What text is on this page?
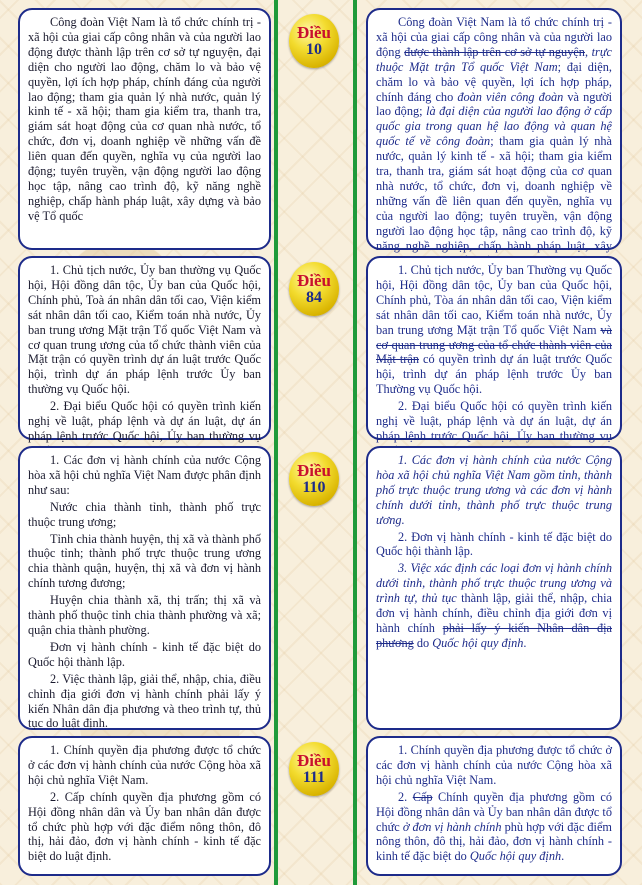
Công đoàn Việt Nam là tổ chức chính trị - xã hội của giai cấp công nhân và của người lao động được thành lập trên cơ sở tự nguyện, đại diện cho người lao động, chăm lo và bảo vệ quyền, lợi ích hợp pháp, chính đáng của người lao động; tham gia quản lý nhà nước, quản lý kinh tế - xã hội; tham gia kiểm tra, thanh tra, giám sát hoạt động của cơ quan nhà nước, tổ chức, đơn vị, doanh nghiệp về những vấn đề liên quan đến quyền, nghĩa vụ của người lao động; tuyên truyền, vận động người lao động học tập, nâng cao trình độ, kỹ năng nghề nghiệp, chấp hành pháp luật, xây dựng và bảo vệ Tổ quốc

Điều
10

Công đoàn Việt Nam là tổ chức chính trị - xã hội của giai cấp công nhân và của người lao động được thành lập trên cơ sở tự nguyện, trực thuộc Mặt trận Tổ quốc Việt Nam; đại diện, chăm lo và bảo vệ quyền, lợi ích hợp pháp, chính đáng cho đoàn viên công đoàn và người lao động; là đại diện của người lao động ở cấp quốc gia trong quan hệ lao động và quan hệ quốc tế về công đoàn; tham gia quản lý nhà nước, quản lý kinh tế - xã hội; tham gia kiểm tra, thanh tra, giám sát hoạt động của cơ quan nhà nước, tổ chức, đơn vị, doanh nghiệp về những vấn đề liên quan đến quyền, nghĩa vụ của người lao động; tuyên truyền, vận động người lao động học tập, nâng cao trình độ, kỹ năng nghề nghiệp, chấp hành pháp luật, xây

1. Chủ tịch nước, Ủy ban thường vụ Quốc hội, Hội đồng dân tộc, Ủy ban của Quốc hội, Chính phủ, Toà án nhân dân tối cao, Viện kiểm sát nhân dân tối cao, Kiểm toán nhà nước, Ủy ban trung ương Mặt trận Tổ quốc Việt Nam và cơ quan trung ương của tổ chức thành viên của Mặt trận có quyền trình dự án luật trước Quốc hội, trình dự án pháp lệnh trước Ủy ban thường vụ Quốc hội.

2. Đại biểu Quốc hội có quyền trình kiến nghị về luật, pháp lệnh và dự án luật, dự án pháp lệnh trước Quốc hội, Ủy ban thường vụ

Điều
84

1. Chủ tịch nước, Ủy ban Thường vụ Quốc hội, Hội đồng dân tộc, Ủy ban của Quốc hội, Chính phủ, Tòa án nhân dân tối cao, Viện kiểm sát nhân dân tối cao, Kiểm toán nhà nước, Ủy ban trung ương Mặt trận Tổ quốc Việt Nam và cơ quan trung ương của tổ chức thành viên của Mặt trận có quyền trình dự án luật trước Quốc hội, trình dự án pháp lệnh trước Ủy ban Thường vụ Quốc hội.

2. Đại biểu Quốc hội có quyền trình kiến nghị về luật, pháp lệnh và dự án luật, dự án pháp lệnh trước Quốc hội, Ủy ban thường vụ

1. Các đơn vị hành chính của nước Cộng hòa xã hội chủ nghĩa Việt Nam được phân định như sau:

Nước chia thành tỉnh, thành phố trực thuộc trung ương;

Tỉnh chia thành huyện, thị xã và thành phố thuộc tỉnh; thành phố trực thuộc trung ương chia thành quận, huyện, thị xã và đơn vị hành chính tương đương;

Huyện chia thành xã, thị trấn; thị xã và thành phố thuộc tỉnh chia thành phường và xã; quận chia thành phường.

Đơn vị hành chính - kinh tế đặc biệt do Quốc hội thành lập.

2. Việc thành lập, giải thể, nhập, chia, điều chỉnh địa giới đơn vị hành chính phải lấy ý kiến Nhân dân địa phương và theo trình tự, thủ tục do luật định.

Điều
110

1. Các đơn vị hành chính của nước Cộng hòa xã hội chủ nghĩa Việt Nam gồm tỉnh, thành phố trực thuộc trung ương và các đơn vị hành chính dưới tỉnh, thành phố trực thuộc trung ương.

2. Đơn vị hành chính - kinh tế đặc biệt do Quốc hội thành lập.

3. Việc xác định các loại đơn vị hành chính dưới tỉnh, thành phố trực thuộc trung ương và trình tự, thủ tục thành lập, giải thể, nhập, chia đơn vị hành chính, điều chỉnh địa giới đơn vị hành chính phải lấy ý kiến Nhân dân địa phương do Quốc hội quy định.

1. Chính quyền địa phương được tổ chức ở các đơn vị hành chính của nước Cộng hòa xã hội chủ nghĩa Việt Nam.

2. Cấp chính quyền địa phương gồm có Hội đồng nhân dân và Ủy ban nhân dân được tổ chức phù hợp với đặc điểm nông thôn, đô thị, hải đảo, đơn vị hành chính - kinh tế đặc biệt do luật định.

Điều
111

1. Chính quyền địa phương được tổ chức ở các đơn vị hành chính của nước Cộng hòa xã hội chủ nghĩa Việt Nam.

2. Cấp Chính quyền địa phương gồm có Hội đồng nhân dân và Ủy ban nhân dân được tổ chức ở đơn vị hành chính phù hợp với đặc điểm nông thôn, đô thị, hải đảo, đơn vị hành chính - kinh tế đặc biệt do Quốc hội quy định.
